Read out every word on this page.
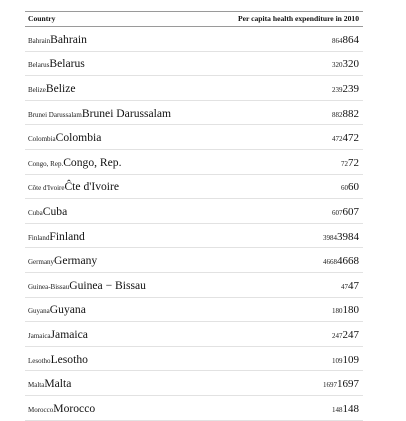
Country	Per capita health expenditure in 2010
BahrainBahrain	864864
BelarusBelarus	320320
BelizeBelize	239239
Brunei DarussalamBrunei Darussalam	882882
ColombiaColombia	472472
Congo, Rep.Congo, Rep.	7272
Côte d'IvoireĈte d'Ivoire	6060
CubaCuba	607607
FinlandFinland	39843984
GermanyGermany	46684668
Guinea-BissauGuinea − Bissau	4747
GuyanaGuyana	180180
JamaicaJamaica	247247
LesothoLesotho	109109
MaltaMalta	16971697
MoroccoMorocco	148148
